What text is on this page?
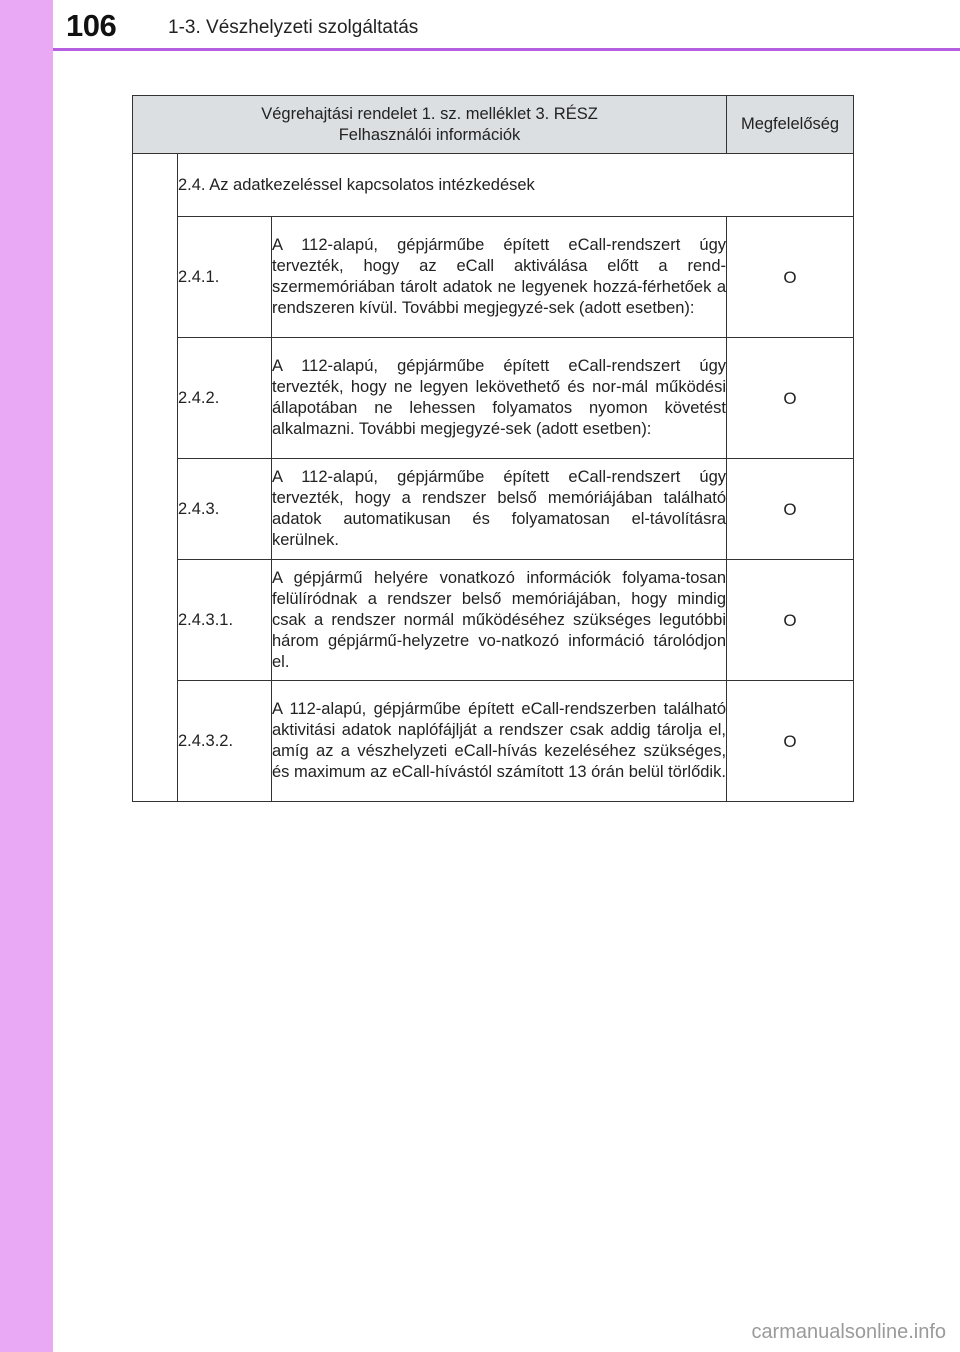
106	1-3. Vészhelyzeti szolgáltatás
Végrehajtási rendelet 1. sz. melléklet 3. RÉSZ
Felhasználói információk			Megfelelőség
	2.4. Az adatkezeléssel kapcsolatos intézkedések		
	2.4.1.	A 112-alapú, gépjárműbe épített eCall-rendszert úgy tervezték, hogy az eCall aktiválása előtt a rend-szermemóriában tárolt adatok ne legyenek hozzá-férhetőek a rendszeren kívül. További megjegyzé-sek (adott esetben):	O
	2.4.2.	A 112-alapú, gépjárműbe épített eCall-rendszert úgy tervezték, hogy ne legyen lekövethető és nor-mál működési állapotában ne lehessen folyamatos nyomon követést alkalmazni. További megjegyzé-sek (adott esetben):	O
	2.4.3.	A 112-alapú, gépjárműbe épített eCall-rendszert úgy tervezték, hogy a rendszer belső memóriájában található adatok automatikusan és folyamatosan el-távolításra kerülnek.	O
	2.4.3.1.	A gépjármű helyére vonatkozó információk folyama-tosan felülíródnak a rendszer belső memóriájában, hogy mindig csak a rendszer normál működéséhez szükséges legutóbbi három gépjármű-helyzetre vo-natkozó információ tárolódjon el.	O
	2.4.3.2.	A 112-alapú, gépjárműbe épített eCall-rendszerben található aktivitási adatok naplófájlját a rendszer csak addig tárolja el, amíg az a vészhelyzeti eCall-hívás kezeléséhez szükséges, és maximum az eCall-hívástól számított 13 órán belül törlődik.	O
carmanualsonline.info
